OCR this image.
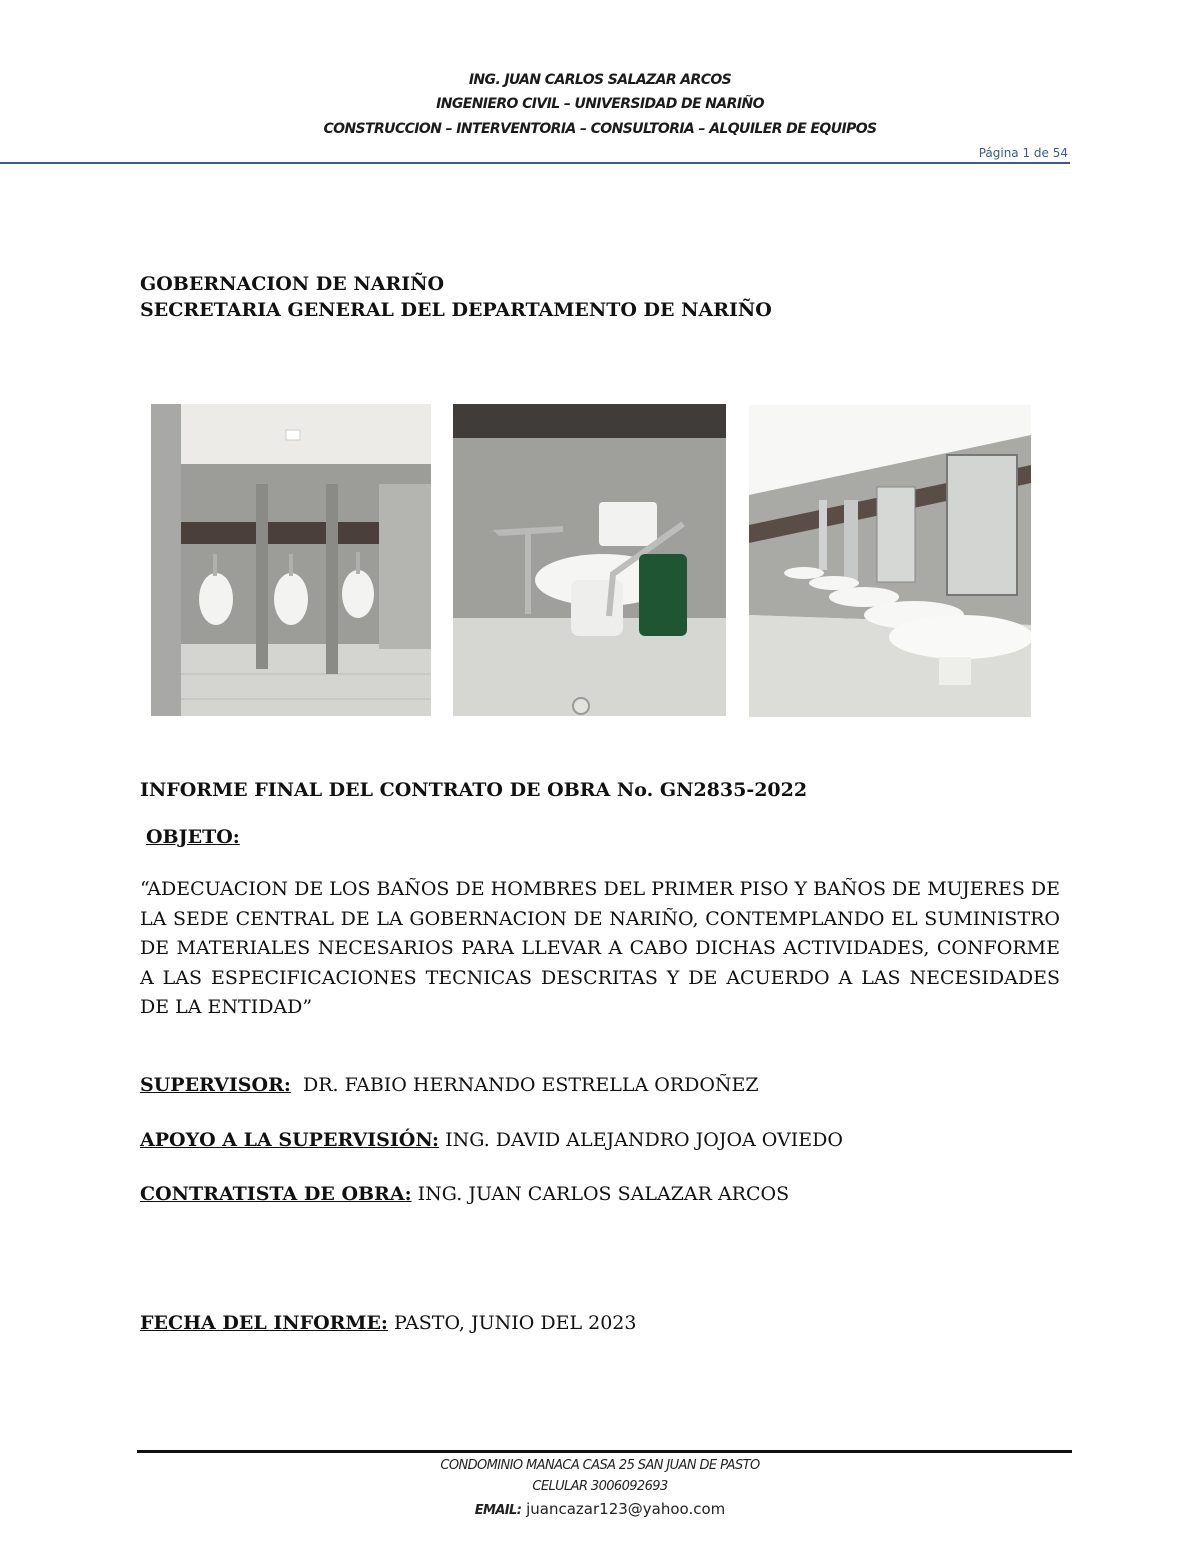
ING. JUAN CARLOS SALAZAR ARCOS
INGENIERO CIVIL – UNIVERSIDAD DE NARIÑO
CONSTRUCCION – INTERVENTORIA – CONSULTORIA – ALQUILER DE EQUIPOS
Página 1 de 54
GOBERNACION DE NARIÑO
SECRETARIA GENERAL DEL DEPARTAMENTO DE NARIÑO
INFORME FINAL DEL CONTRATO DE OBRA No. GN2835-2022
OBJETO:
“ADECUACION DE LOS BAÑOS DE HOMBRES DEL PRIMER PISO Y BAÑOS DE MUJERES DE LA SEDE CENTRAL DE LA GOBERNACION DE NARIÑO, CONTEMPLANDO EL SUMINISTRO DE MATERIALES NECESARIOS PARA LLEVAR A CABO DICHAS ACTIVIDADES, CONFORME A LAS ESPECIFICACIONES TECNICAS DESCRITAS Y DE ACUERDO A LAS NECESIDADES DE LA ENTIDAD”
SUPERVISOR:  DR. FABIO HERNANDO ESTRELLA ORDOÑEZ
APOYO A LA SUPERVISIÓN: ING. DAVID ALEJANDRO JOJOA OVIEDO
CONTRATISTA DE OBRA: ING. JUAN CARLOS SALAZAR ARCOS
FECHA DEL INFORME: PASTO, JUNIO DEL 2023
CONDOMINIO MANACA CASA 25 SAN JUAN DE PASTO
CELULAR 3006092693
EMAIL: juancazar123@yahoo.com
